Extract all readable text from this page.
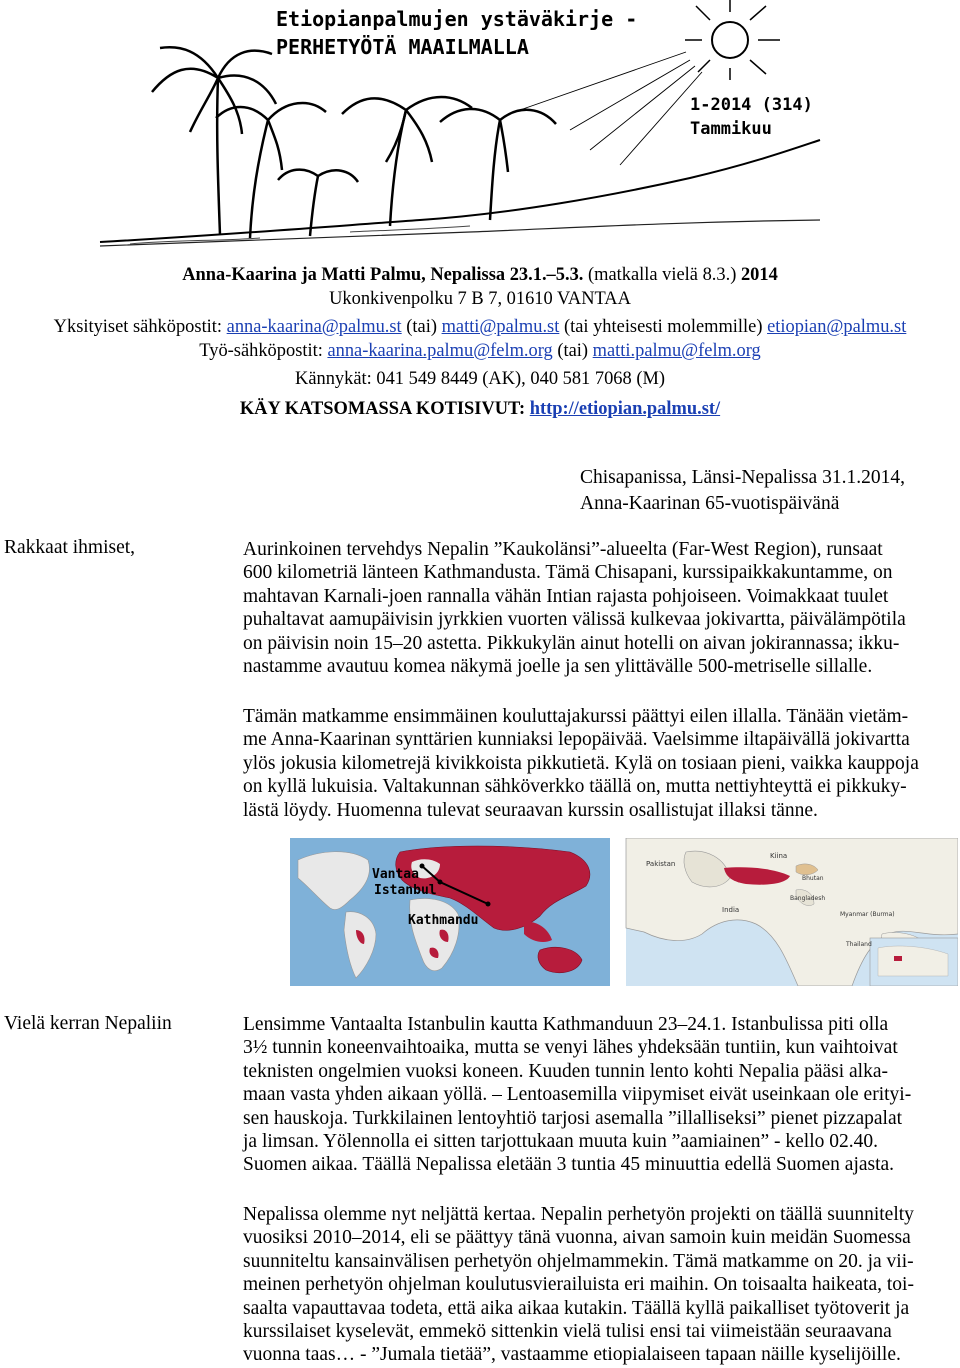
Etiopianpalmujen ystäväkirje -
PERHETYÖTÄ MAAILMALLA
1-2014 (314)
Tammikuu
Anna-Kaarina ja Matti Palmu, Nepalissa 23.1.–5.3. (matkalla vielä 8.3.) 2014
Ukonkivenpolku 7 B 7, 01610 VANTAA
Yksityiset sähköpostit: anna-kaarina@palmu.st (tai) matti@palmu.st (tai yhteisesti molemmille) etiopian@palmu.st
Työ-sähköpostit: anna-kaarina.palmu@felm.org (tai) matti.palmu@felm.org
Kännykät: 041 549 8449 (AK), 040 581 7068 (M)
KÄY KATSOMASSA KOTISIVUT: http://etiopian.palmu.st/
Chisapanissa, Länsi-Nepalissa 31.1.2014,
Anna-Kaarinan 65-vuotispäivänä
Rakkaat ihmiset,	Aurinkoinen tervehdys Nepalin ”Kaukolänsi”-alueelta (Far-West Region), runsaat
600 kilometriä länteen Kathmandusta. Tämä Chisapani, kurssipaikkakuntamme, on
mahtavan Karnali-joen rannalla vähän Intian rajasta pohjoiseen. Voimakkaat tuulet
puhaltavat aamupäivisin jyrkkien vuorten välissä kulkevaa jokivartta, päivälämpötila
on päivisin noin 15–20 astetta. Pikkukylän ainut hotelli on aivan jokirannassa; ikku-
nastamme avautuu komea näkymä joelle ja sen ylittävälle 500-metriselle sillalle.
Tämän matkamme ensimmäinen kouluttajakurssi päättyi eilen illalla. Tänään vietäm-
me Anna-Kaarinan synttärien kunniaksi lepopäivää. Vaelsimme iltapäivällä jokivartta
ylös jokusia kilometrejä kivikkoista pikkutietä. Kylä on tosiaan pieni, vaikka kauppoja
on kyllä lukuisia. Valtakunnan sähköverkko täällä on, mutta nettiyhteyttä ei pikkuky-
lästä löydy. Huomenna tulevat seuraavan kurssin osallistujat illaksi tänne.
Vantaa
Istanbul
Kathmandu
Pakistan
Kiina
Bhutan
India
Bangladesh
Myanmar (Burma)
Thailand
Vielä kerran Nepaliin	Lensimme Vantaalta Istanbulin kautta Kathmanduun 23–24.1. Istanbulissa piti olla
3½ tunnin koneenvaihtoaika, mutta se venyi lähes yhdeksään tuntiin, kun vaihtoivat
teknisten ongelmien vuoksi koneen. Kuuden tunnin lento kohti Nepalia pääsi alka-
maan vasta yhden aikaan yöllä. – Lentoasemilla viipymiset eivät useinkaan ole erityi-
sen hauskoja. Turkkilainen lentoyhtiö tarjosi asemalla ”illalliseksi” pienet pizzapalat
ja limsan. Yölennolla ei sitten tarjottukaan muuta kuin ”aamiainen” - kello 02.40.
Suomen aikaa. Täällä Nepalissa eletään 3 tuntia 45 minuuttia edellä Suomen ajasta.
Nepalissa olemme nyt neljättä kertaa. Nepalin perhetyön projekti on täällä suunnitelty
vuosiksi 2010–2014, eli se päättyy tänä vuonna, aivan samoin kuin meidän Suomessa
suunniteltu kansainvälisen perhetyön ohjelmammekin. Tämä matkamme on 20. ja vii-
meinen perhetyön ohjelman koulutusvierailuista eri maihin. On toisaalta haikeata, toi-
saalta vapauttavaa todeta, että aika aikaa kutakin. Täällä kyllä paikalliset työtoverit ja
kurssilaiset kyselevät, emmekö sittenkin vielä tulisi ensi tai viimeistään seuraavana
vuonna taas… - ”Jumala tietää”, vastaamme etiopialaiseen tapaan näille kyselijöille.
